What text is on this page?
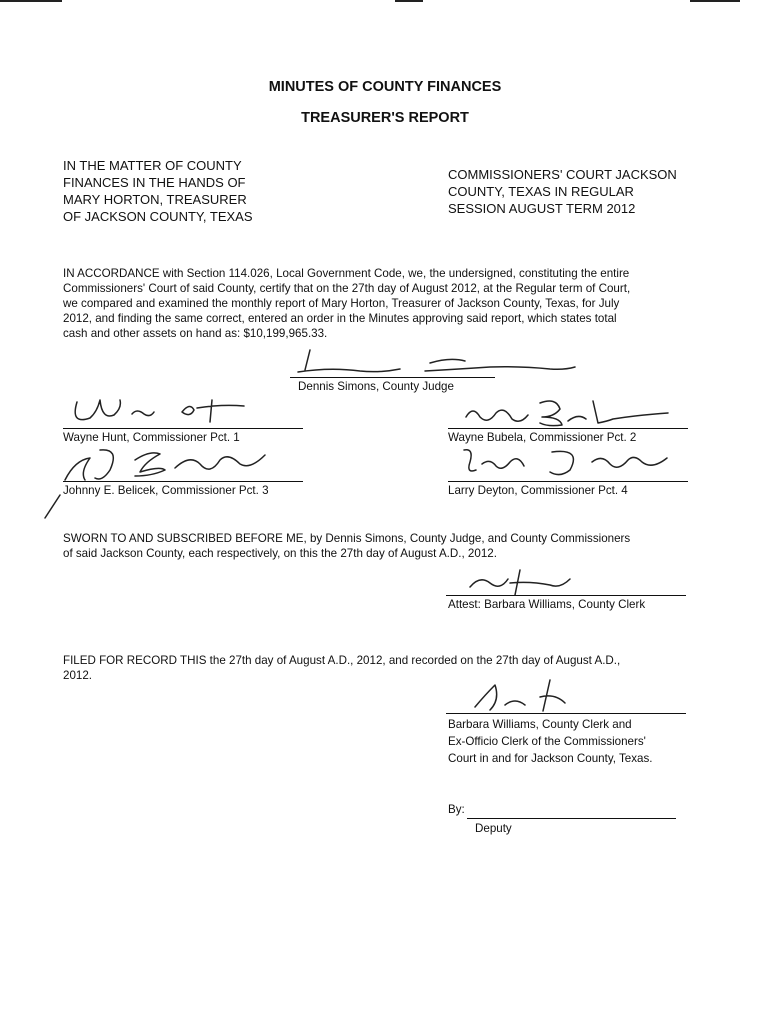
MINUTES OF COUNTY FINANCES
TREASURER'S REPORT
IN THE MATTER OF COUNTY
FINANCES IN THE HANDS OF
MARY HORTON, TREASURER
OF JACKSON COUNTY, TEXAS
COMMISSIONERS' COURT JACKSON
COUNTY, TEXAS IN REGULAR
SESSION AUGUST TERM 2012
IN ACCORDANCE with Section 114.026, Local Government Code, we, the undersigned, constituting the entire
Commissioners' Court of said County, certify that on the 27th day of August 2012, at the Regular term of Court,
we compared and examined the monthly report of Mary Horton, Treasurer of Jackson County, Texas, for July
2012, and finding the same correct, entered an order in the Minutes approving said report, which states total
cash and other assets on hand as: $10,199,965.33.
Dennis Simons, County Judge
Wayne Hunt, Commissioner Pct. 1	Wayne Bubela, Commissioner Pct. 2
Johnny E. Belicek, Commissioner Pct. 3	Larry Deyton, Commissioner Pct. 4
SWORN TO AND SUBSCRIBED BEFORE ME, by Dennis Simons, County Judge, and County Commissioners
of said Jackson County, each respectively, on this the 27th day of August A.D., 2012.
Attest: Barbara Williams, County Clerk
FILED FOR RECORD THIS the 27th day of August A.D., 2012, and recorded on the 27th day of August A.D.,
2012.
Barbara Williams, County Clerk and
Ex-Officio Clerk of the Commissioners'
Court in and for Jackson County, Texas.
By:
Deputy
